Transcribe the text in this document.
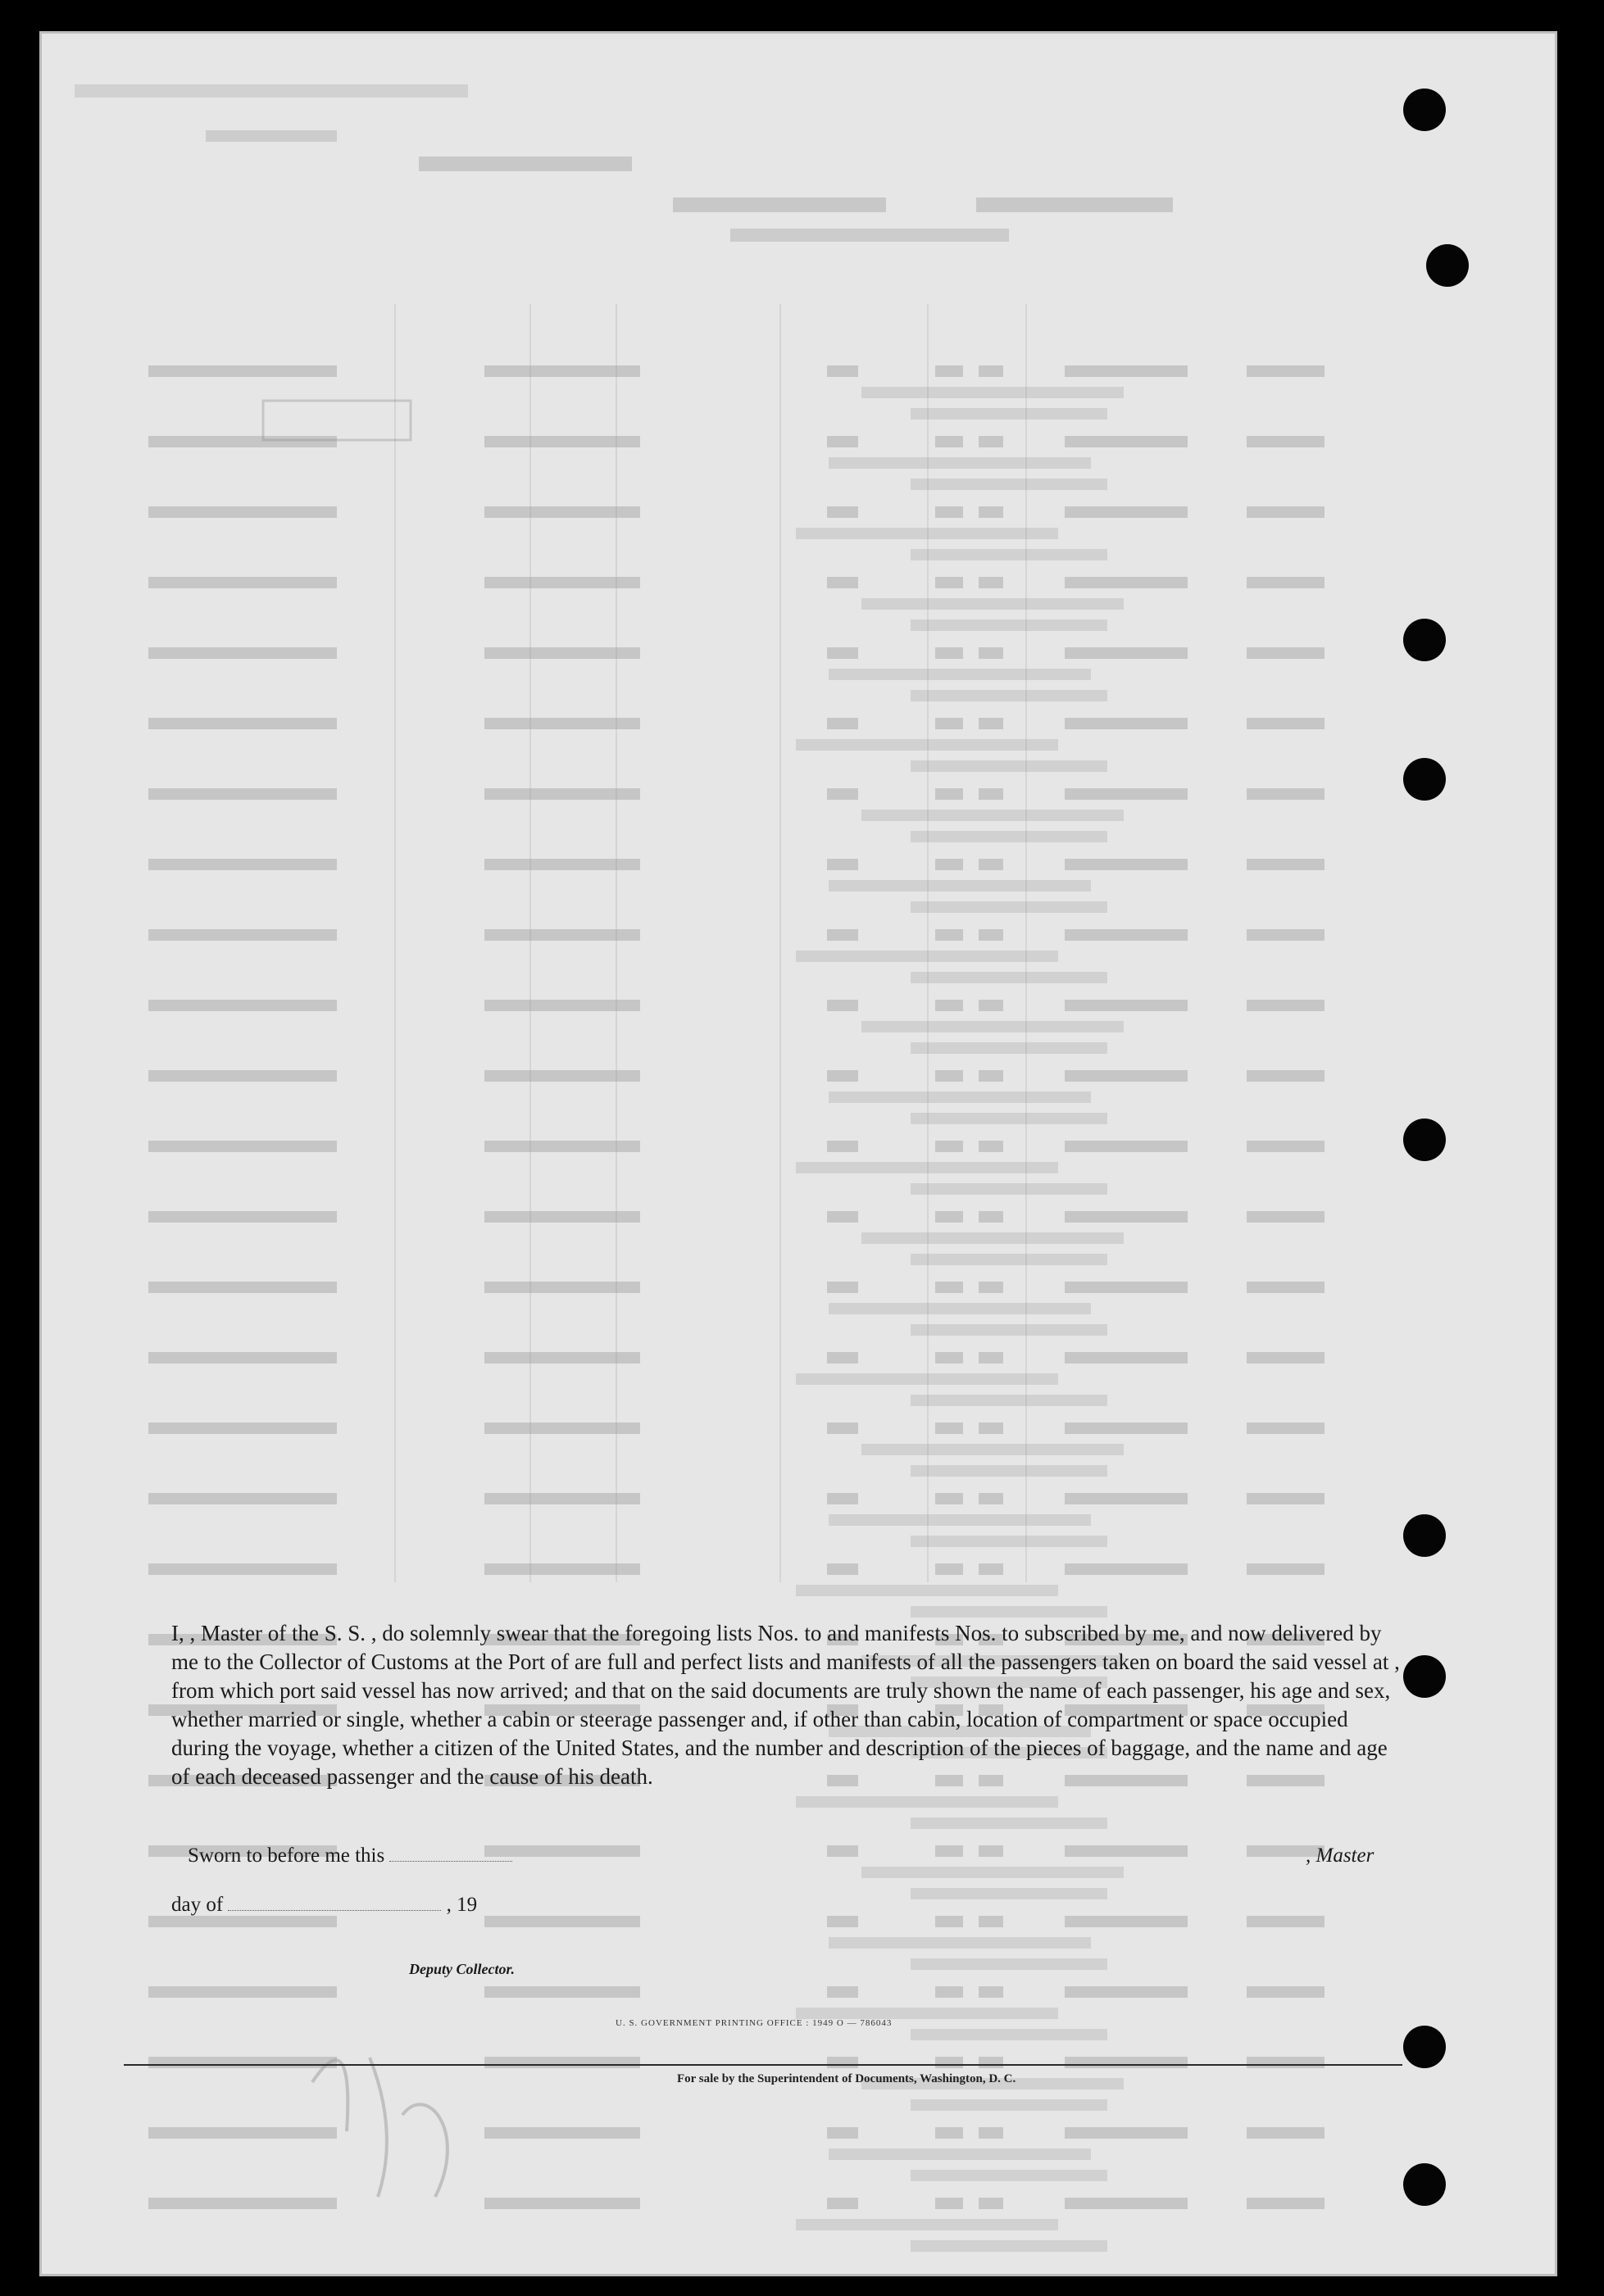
I, , Master of the S. S. , do solemnly swear that the foregoing lists Nos. to and manifests Nos. to subscribed by me, and now delivered by me to the Collector of Customs at the Port of are full and perfect lists and manifests of all the passengers taken on board the said vessel at , from which port said vessel has now arrived; and that on the said documents are truly shown the name of each passenger, his age and sex, whether married or single, whether a cabin or steerage passenger and, if other than cabin, location of compartment or space occupied during the voyage, whether a citizen of the United States, and the number and description of the pieces of baggage, and the name and age of each deceased passenger and the cause of his death.

Sworn to before me this	, Master
day of	, 19
Deputy Collector.
U. S. GOVERNMENT PRINTING OFFICE : 1949 O — 786043
For sale by the Superintendent of Documents, Washington, D. C.
